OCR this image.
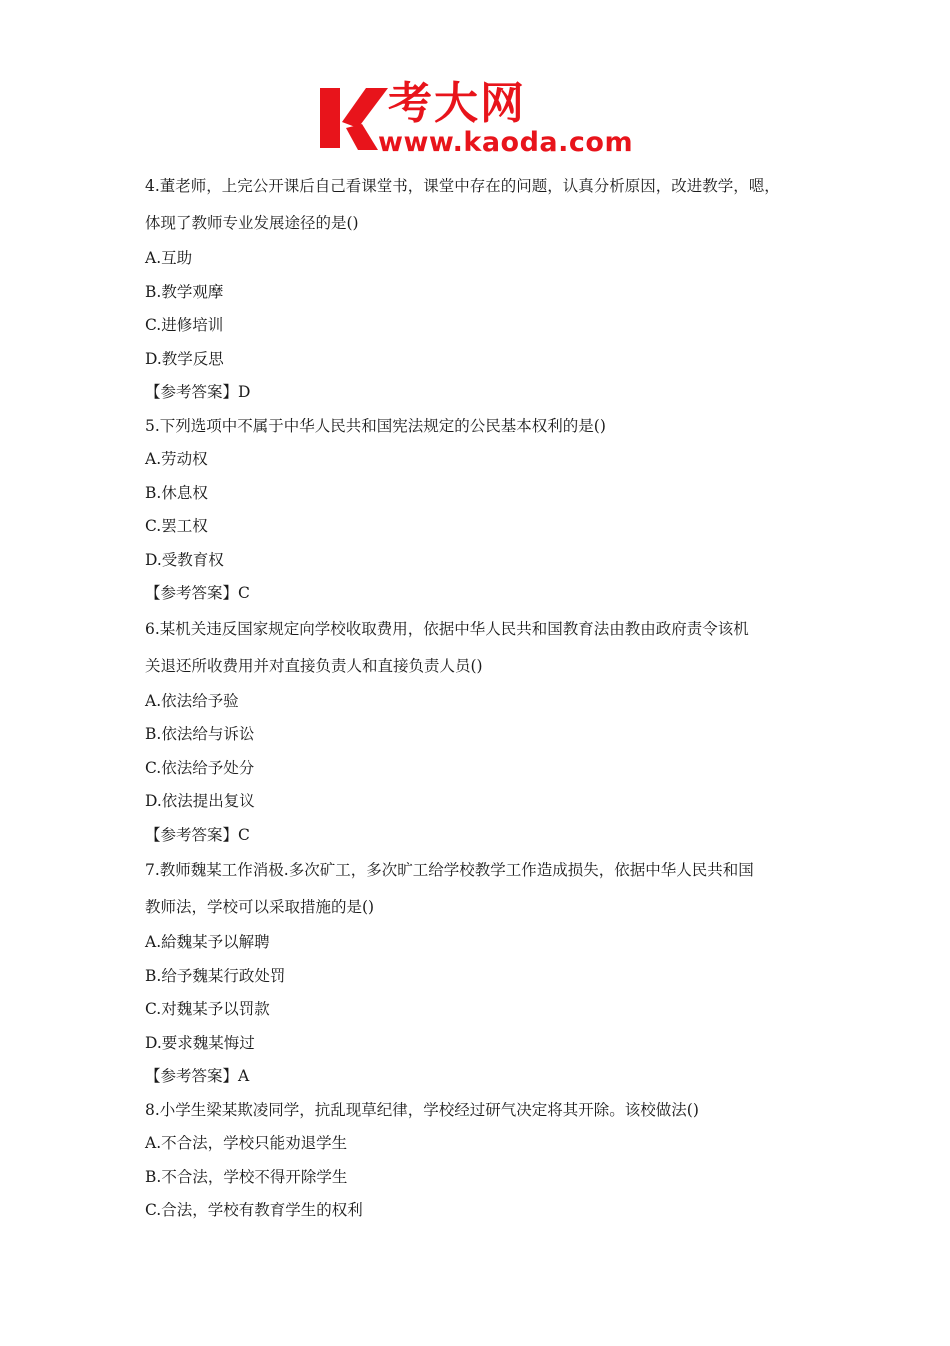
考大网
www.kaoda.com
4.董老师，上完公开课后自己看课堂书，课堂中存在的问题，认真分析原因，改进教学，嗯，
体现了教师专业发展途径的是()
A.互助
B.教学观摩
C.进修培训
D.教学反思
【参考答案】D
5.下列选项中不属于中华人民共和国宪法规定的公民基本权利的是()
A.劳动权
B.休息权
C.罢工权
D.受教育权
【参考答案】C
6.某机关违反国家规定向学校收取费用，依据中华人民共和国教育法由教由政府责令该机
关退还所收费用并对直接负责人和直接负责人员()
A.依法给予验
B.依法给与诉讼
C.依法给予处分
D.依法提出复议
【参考答案】C
7.教师魏某工作消极.多次矿工，多次旷工给学校教学工作造成损失，依据中华人民共和国
教师法，学校可以采取措施的是()
A.給魏某予以解聘
B.给予魏某行政处罚
C.对魏某予以罚款
D.要求魏某悔过
【参考答案】A
8.小学生梁某欺凌同学，抗乱现草纪律，学校经过研气决定将其开除。该校做法()
A.不合法，学校只能劝退学生
B.不合法，学校不得开除学生
C.合法，学校有教育学生的权利
